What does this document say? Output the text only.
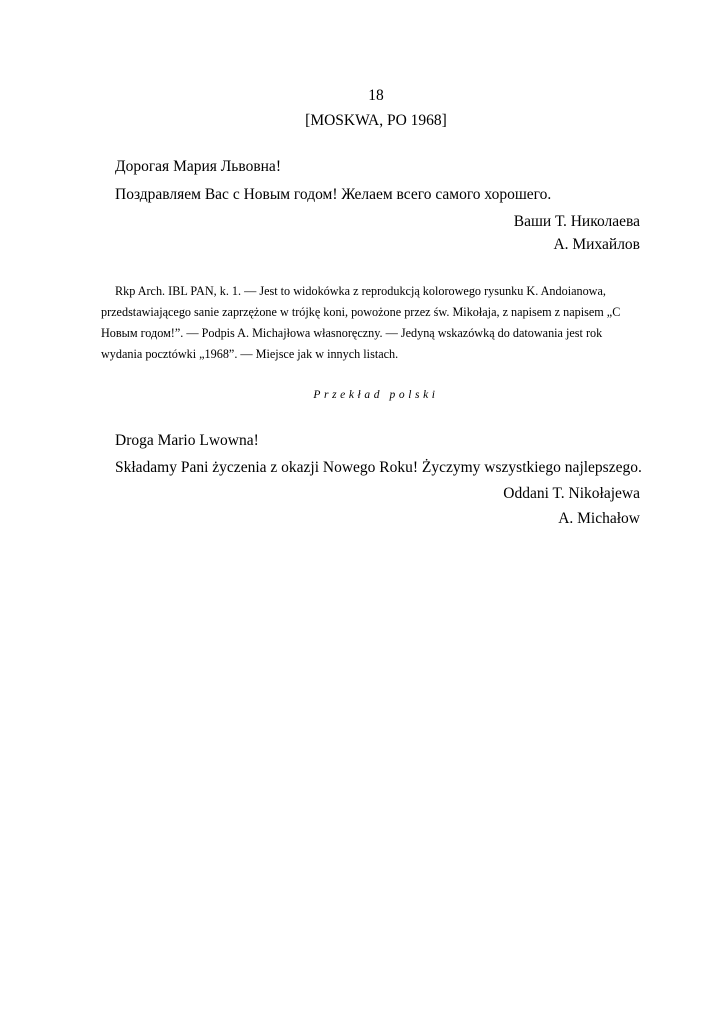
18
[MOSKWA, PO 1968]
Дорогая Мария Львовна!
Поздравляем Вас с Новым годом! Желаем всего самого хорошего.
Ваши Т. Николаева
А. Михайлов
Rkp Arch. IBL PAN, k. 1. — Jest to widokówka z reprodukcją kolorowego rysunku K. Andoianowa,
przedstawiającego sanie zaprzężone w trójkę koni, powożone przez św. Mikołaja, z napisem z napisem „С
Новым годом!”. — Podpis A. Michajłowa własnoręczny. — Jedyną wskazówką do datowania jest rok
wydania pocztówki „1968”. — Miejsce jak w innych listach.
Przekład polski
Droga Mario Lwowna!
Składamy Pani życzenia z okazji Nowego Roku! Życzymy wszystkiego najlepszego.
Oddani T. Nikołajewa
A. Michałow
